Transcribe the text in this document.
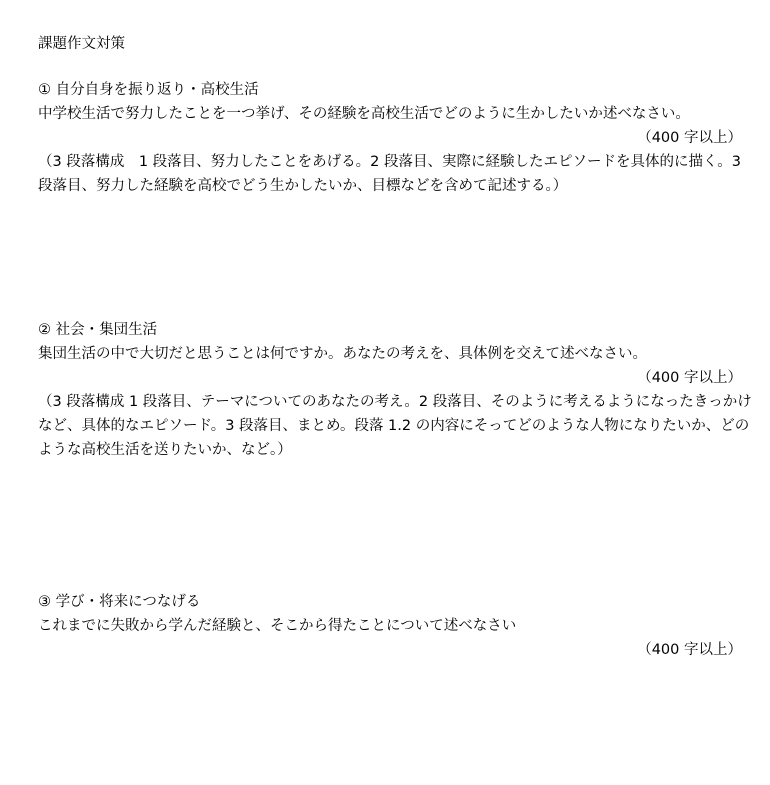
課題作文対策
① 自分自身を振り返り・高校生活
中学校生活で努力したことを一つ挙げ、その経験を高校生活でどのように生かしたいか述べなさい。
（400 字以上）
（3 段落構成　1 段落目、努力したことをあげる。2 段落目、実際に経験したエピソードを具体的に描く。3 段落目、努力した経験を高校でどう生かしたいか、目標などを含めて記述する。）
② 社会・集団生活
集団生活の中で大切だと思うことは何ですか。あなたの考えを、具体例を交えて述べなさい。
（400 字以上）
（3 段落構成 1 段落目、テーマについてのあなたの考え。2 段落目、そのように考えるようになったきっかけなど、具体的なエピソード。3 段落目、まとめ。段落 1.2 の内容にそってどのような人物になりたいか、どのような高校生活を送りたいか、など。）
③ 学び・将来につなげる
これまでに失敗から学んだ経験と、そこから得たことについて述べなさい
（400 字以上）
